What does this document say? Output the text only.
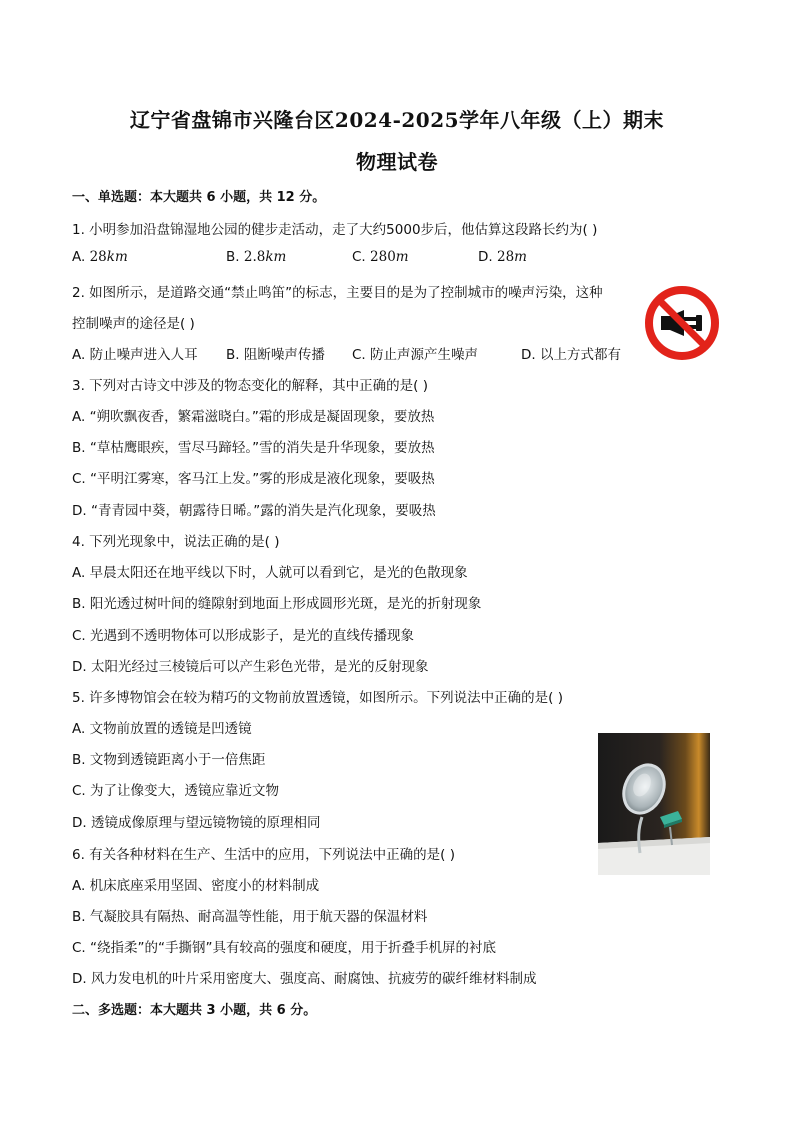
辽宁省盘锦市兴隆台区2024-2025学年八年级（上）期末
物理试卷
一、单选题：本大题共 6 小题，共 12 分。
1. 小明参加沿盘锦湿地公园的健步走活动，走了大约5000步后，他估算这段路长约为( )
A. 28km	B. 2.8km	C. 280m	D. 28m
2. 如图所示，是道路交通“禁止鸣笛”的标志，主要目的是为了控制城市的噪声污染，这种
控制噪声的途径是( )
A. 防止噪声进入人耳 B. 阻断噪声传播 C. 防止声源产生噪声	D. 以上方式都有
3. 下列对古诗文中涉及的物态变化的解释，其中正确的是( )
A. “朔吹飘夜香，繁霜滋晓白。”霜的形成是凝固现象，要放热
B. “草枯鹰眼疾，雪尽马蹄轻。”雪的消失是升华现象，要放热
C. “平明江雾寒，客马江上发。”雾的形成是液化现象，要吸热
D. “青青园中葵，朝露待日晞。”露的消失是汽化现象，要吸热
4. 下列光现象中，说法正确的是( )
A. 早晨太阳还在地平线以下时，人就可以看到它，是光的色散现象
B. 阳光透过树叶间的缝隙射到地面上形成圆形光斑，是光的折射现象
C. 光遇到不透明物体可以形成影子，是光的直线传播现象
D. 太阳光经过三棱镜后可以产生彩色光带，是光的反射现象
5. 许多博物馆会在较为精巧的文物前放置透镜，如图所示。下列说法中正确的是( )
A. 文物前放置的透镜是凹透镜
B. 文物到透镜距离小于一倍焦距
C. 为了让像变大，透镜应靠近文物
D. 透镜成像原理与望远镜物镜的原理相同
6. 有关各种材料在生产、生活中的应用，下列说法中正确的是( )
A. 机床底座采用坚固、密度小的材料制成
B. 气凝胶具有隔热、耐高温等性能，用于航天器的保温材料
C. “绕指柔”的“手撕钢”具有较高的强度和硬度，用于折叠手机屏的衬底
D. 风力发电机的叶片采用密度大、强度高、耐腐蚀、抗疲劳的碳纤维材料制成
二、多选题：本大题共 3 小题，共 6 分。
